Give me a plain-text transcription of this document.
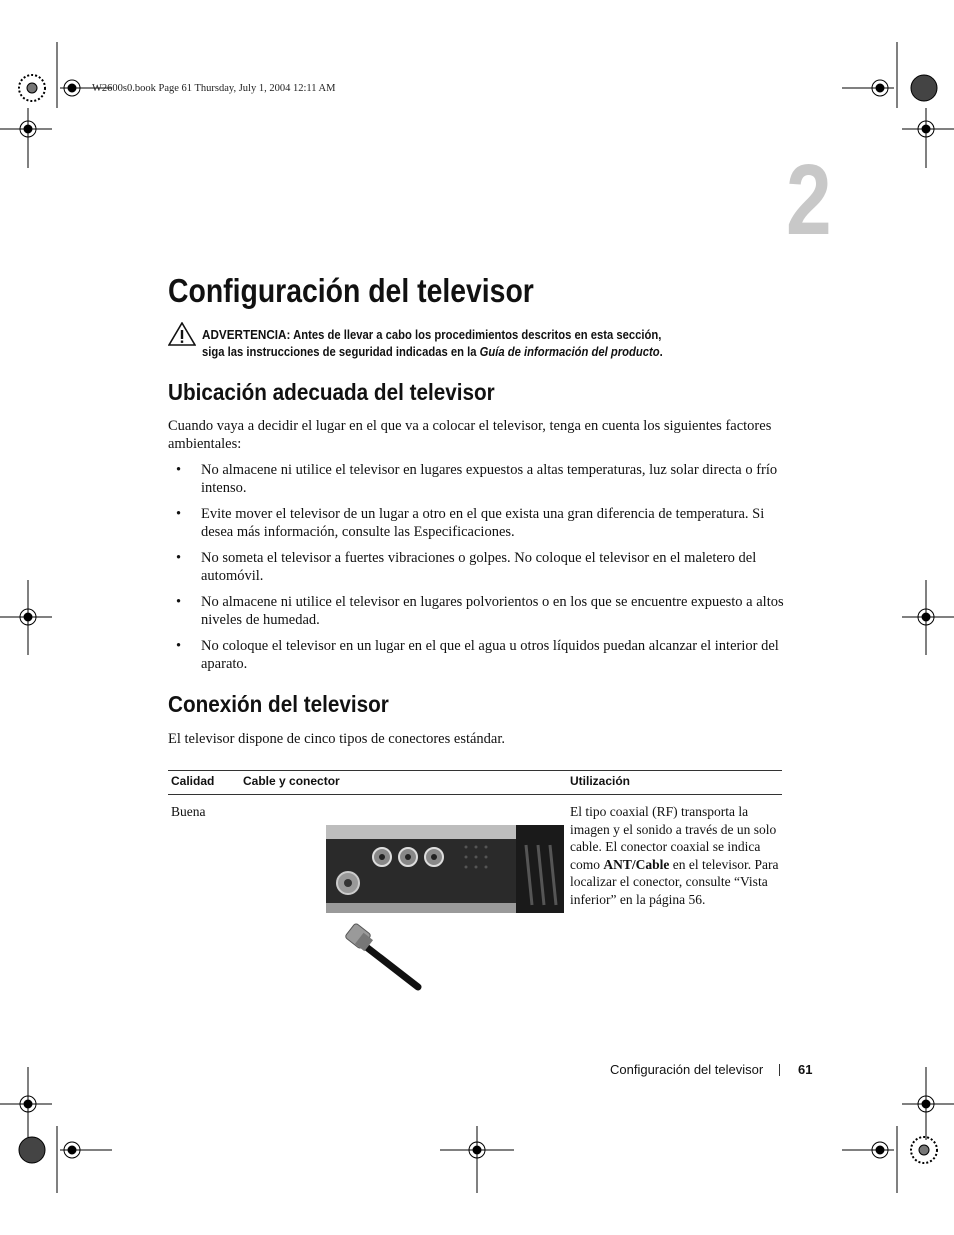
W2600s0.book Page 61 Thursday, July 1, 2004 12:11 AM
2
Configuración del televisor
ADVERTENCIA: Antes de llevar a cabo los procedimientos descritos en esta sección,
siga las instrucciones de seguridad indicadas en la Guía de información del producto.
Ubicación adecuada del televisor

Cuando vaya a decidir el lugar en el que va a colocar el televisor, tenga en cuenta los siguientes factores ambientales:

• No almacene ni utilice el televisor en lugares expuestos a altas temperaturas, luz solar directa o frío intenso.
• Evite mover el televisor de un lugar a otro en el que exista una gran diferencia de temperatura. Si desea más información, consulte las Especificaciones.
• No someta el televisor a fuertes vibraciones o golpes. No coloque el televisor en el maletero del automóvil.
• No almacene ni utilice el televisor en lugares polvorientos o en los que se encuentre expuesto a altos niveles de humedad.
• No coloque el televisor en un lugar en el que el agua u otros líquidos puedan alcanzar el interior del aparato.
Conexión del televisor

El televisor dispone de cinco tipos de conectores estándar.

Calidad	Cable y conector	Utilización
Buena		El tipo coaxial (RF) transporta la imagen y el sonido a través de un solo cable. El conector coaxial se indica como ANT/Cable en el televisor. Para localizar el conector, consulte “Vista inferior” en la página 56.
Configuración del televisor	61
